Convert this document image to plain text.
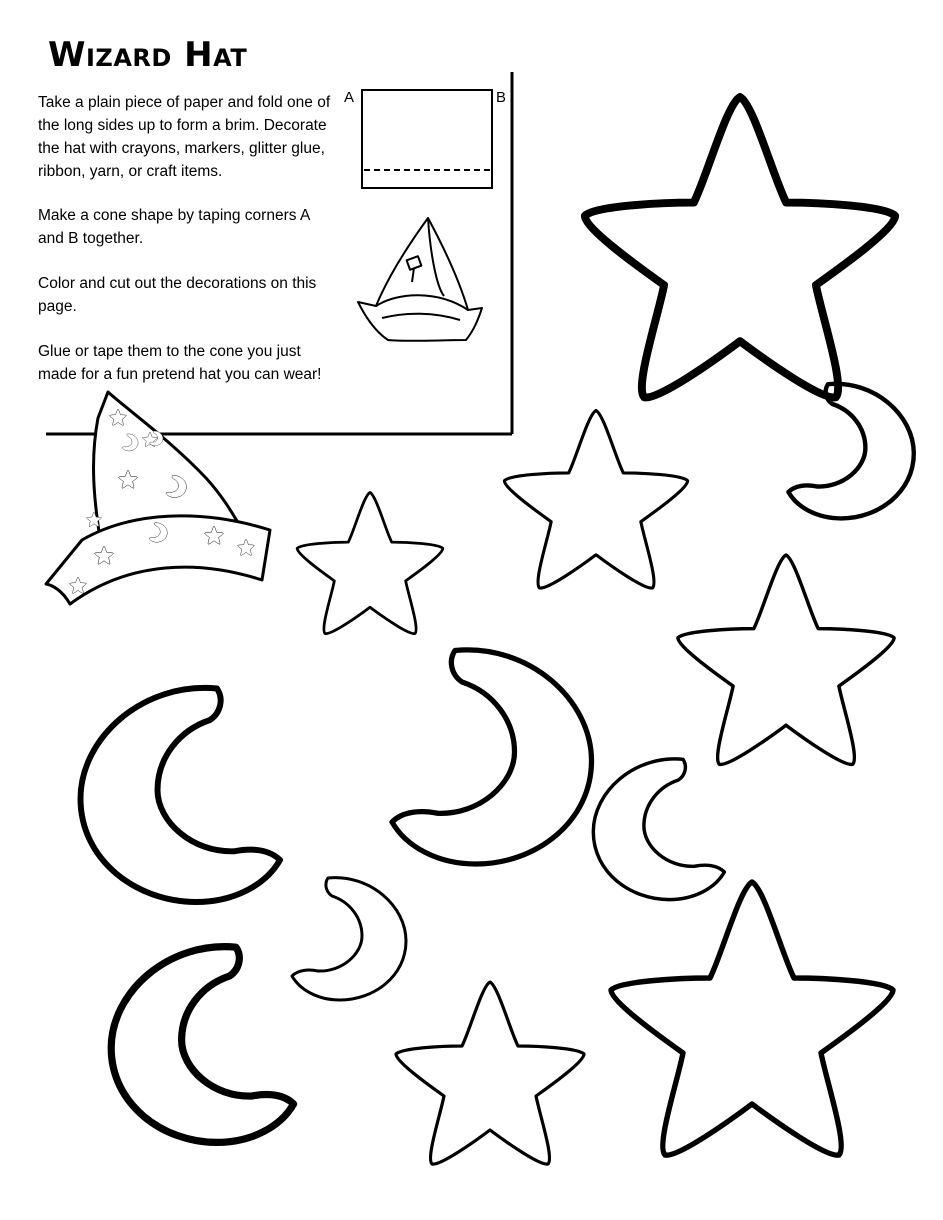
Wizard Hat

Take a plain piece of paper and fold one of the long sides up to form a brim. Decorate the hat with crayons, markers, glitter glue, ribbon, yarn, or craft items.

Make a cone shape by taping corners A and B together.

Color and cut out the decorations on this page.

Glue or tape them to the cone you just made for a fun pretend hat you can wear!

A	B
